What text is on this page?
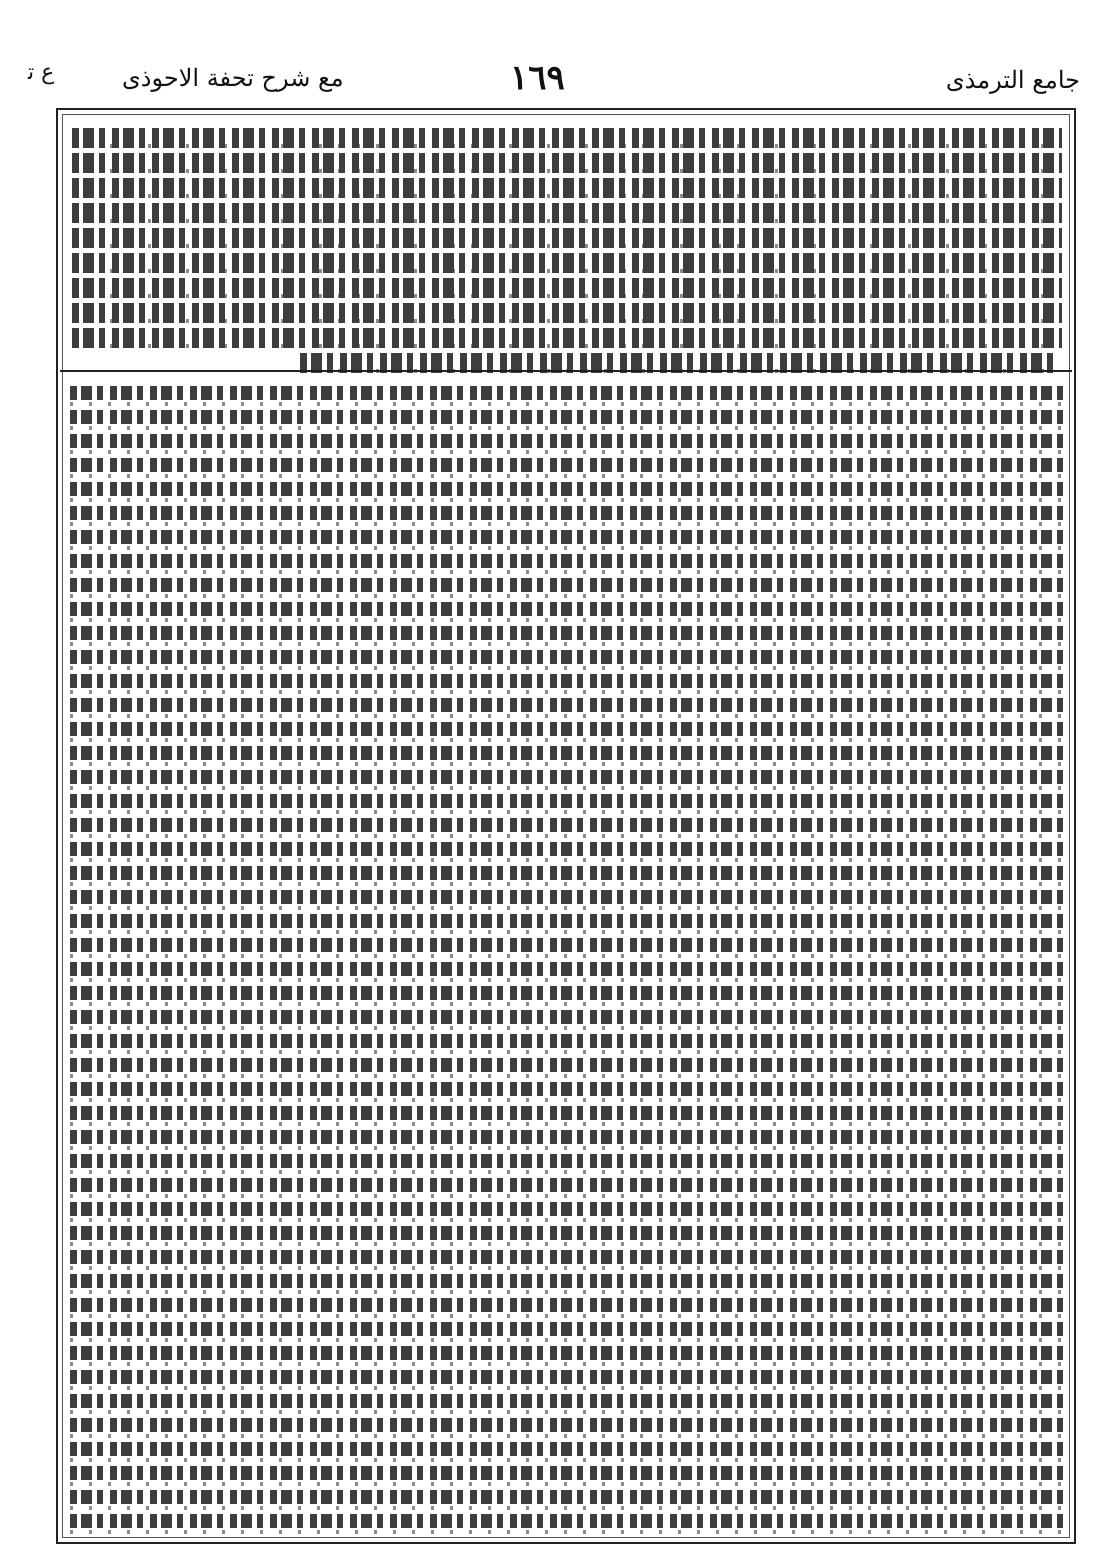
ﻉ ﺗ	مع شرح تحفة الاحوذی	١٦٩	جامع الترمذی
